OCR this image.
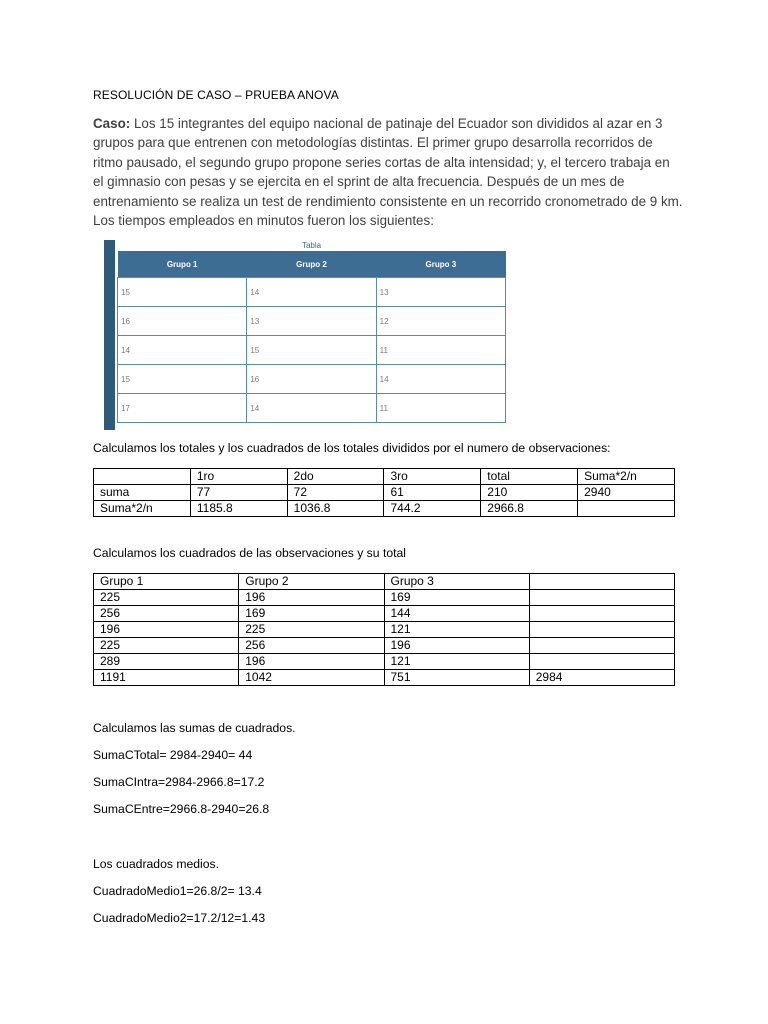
RESOLUCIÓN DE CASO – PRUEBA ANOVA
Caso: Los 15 integrantes del equipo nacional de patinaje del Ecuador son divididos al azar en 3 grupos para que entrenen con metodologías distintas. El primer grupo desarrolla recorridos de ritmo pausado, el segundo grupo propone series cortas de alta intensidad; y, el tercero trabaja en el gimnasio con pesas y se ejercita en el sprint de alta frecuencia. Después de un mes de entrenamiento se realiza un test de rendimiento consistente en un recorrido cronometrado de 9 km. Los tiempos empleados en minutos fueron los siguientes:
Tabla
Grupo 1	Grupo 2	Grupo 3
15	14	13
16	13	12
14	15	11
15	16	14
17	14	11
Calculamos los totales y los cuadrados de los totales divididos por el numero de observaciones:
	1ro	2do	3ro	total	Suma*2/n
suma	77	72	61	210	2940
Suma*2/n	1185.8	1036.8	744.2	2966.8	
Calculamos los cuadrados de las observaciones y su total
Grupo 1	Grupo 2	Grupo 3	
225	196	169	
256	169	144	
196	225	121	
225	256	196	
289	196	121	
1191	1042	751	2984
Calculamos las sumas de cuadrados.
SumaCTotal= 2984-2940= 44
SumaCIntra=2984-2966.8=17.2
SumaCEntre=2966.8-2940=26.8
Los cuadrados medios.
CuadradoMedio1=26.8/2= 13.4
CuadradoMedio2=17.2/12=1.43
